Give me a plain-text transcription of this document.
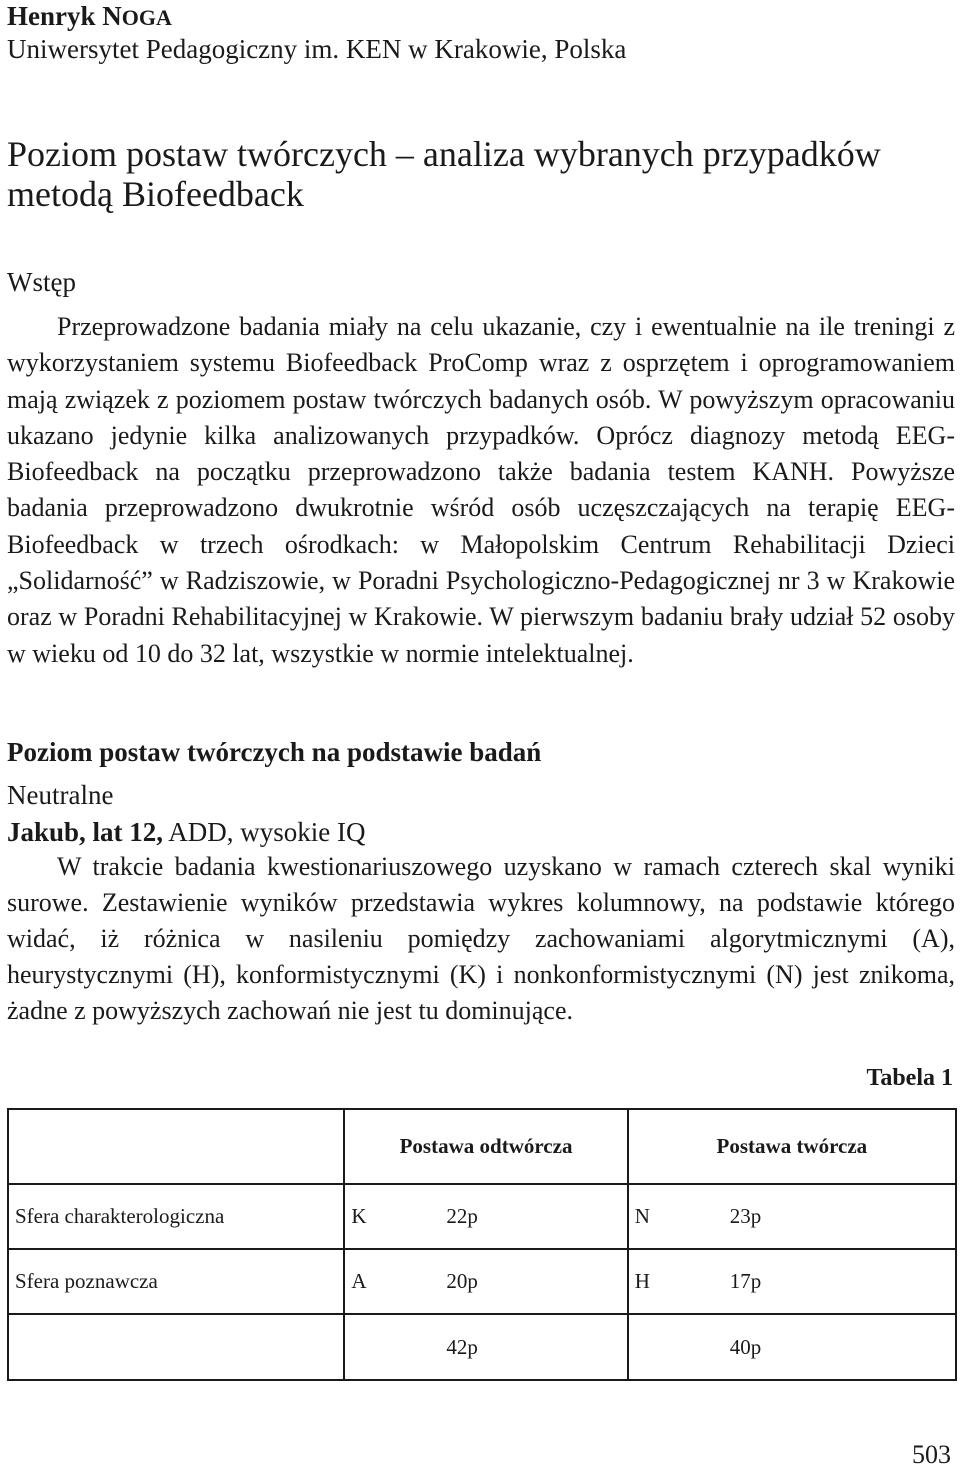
Henryk NOGA
Uniwersytet Pedagogiczny im. KEN w Krakowie, Polska
Poziom postaw twórczych – analiza wybranych przypadków metodą Biofeedback
Wstęp
Przeprowadzone badania miały na celu ukazanie, czy i ewentualnie na ile treningi z wykorzystaniem systemu Biofeedback ProComp wraz z osprzętem i oprogramowaniem mają związek z poziomem postaw twórczych badanych osób. W powyższym opracowaniu ukazano jedynie kilka analizowanych przypadków. Oprócz diagnozy metodą EEG-Biofeedback na początku przeprowadzono także badania testem KANH. Powyższe badania przeprowadzono dwukrotnie wśród osób uczęszczających na terapię EEG-Biofeedback w trzech ośrodkach: w Małopolskim Centrum Rehabilitacji Dzieci „Solidarność” w Radziszowie, w Poradni Psychologiczno-Pedagogicznej nr 3 w Krakowie oraz w Poradni Rehabilitacyjnej w Krakowie. W pierwszym badaniu brały udział 52 osoby w wieku od 10 do 32 lat, wszystkie w normie intelektualnej.
Poziom postaw twórczych na podstawie badań
Neutralne
Jakub, lat 12, ADD, wysokie IQ
W trakcie badania kwestionariuszowego uzyskano w ramach czterech skal wyniki surowe. Zestawienie wyników przedstawia wykres kolumnowy, na podstawie którego widać, iż różnica w nasileniu pomiędzy zachowaniami algorytmicznymi (A), heurystycznymi (H), konformistycznymi (K) i nonkonformistycznymi (N) jest znikoma, żadne z powyższych zachowań nie jest tu dominujące.
Tabela 1
	Postawa odtwórcza	Postawa twórcza
Sfera charakterologiczna	K 22p	N 23p

Sfera poznawcza	A 20p	H 17p

	42p	40p
503
